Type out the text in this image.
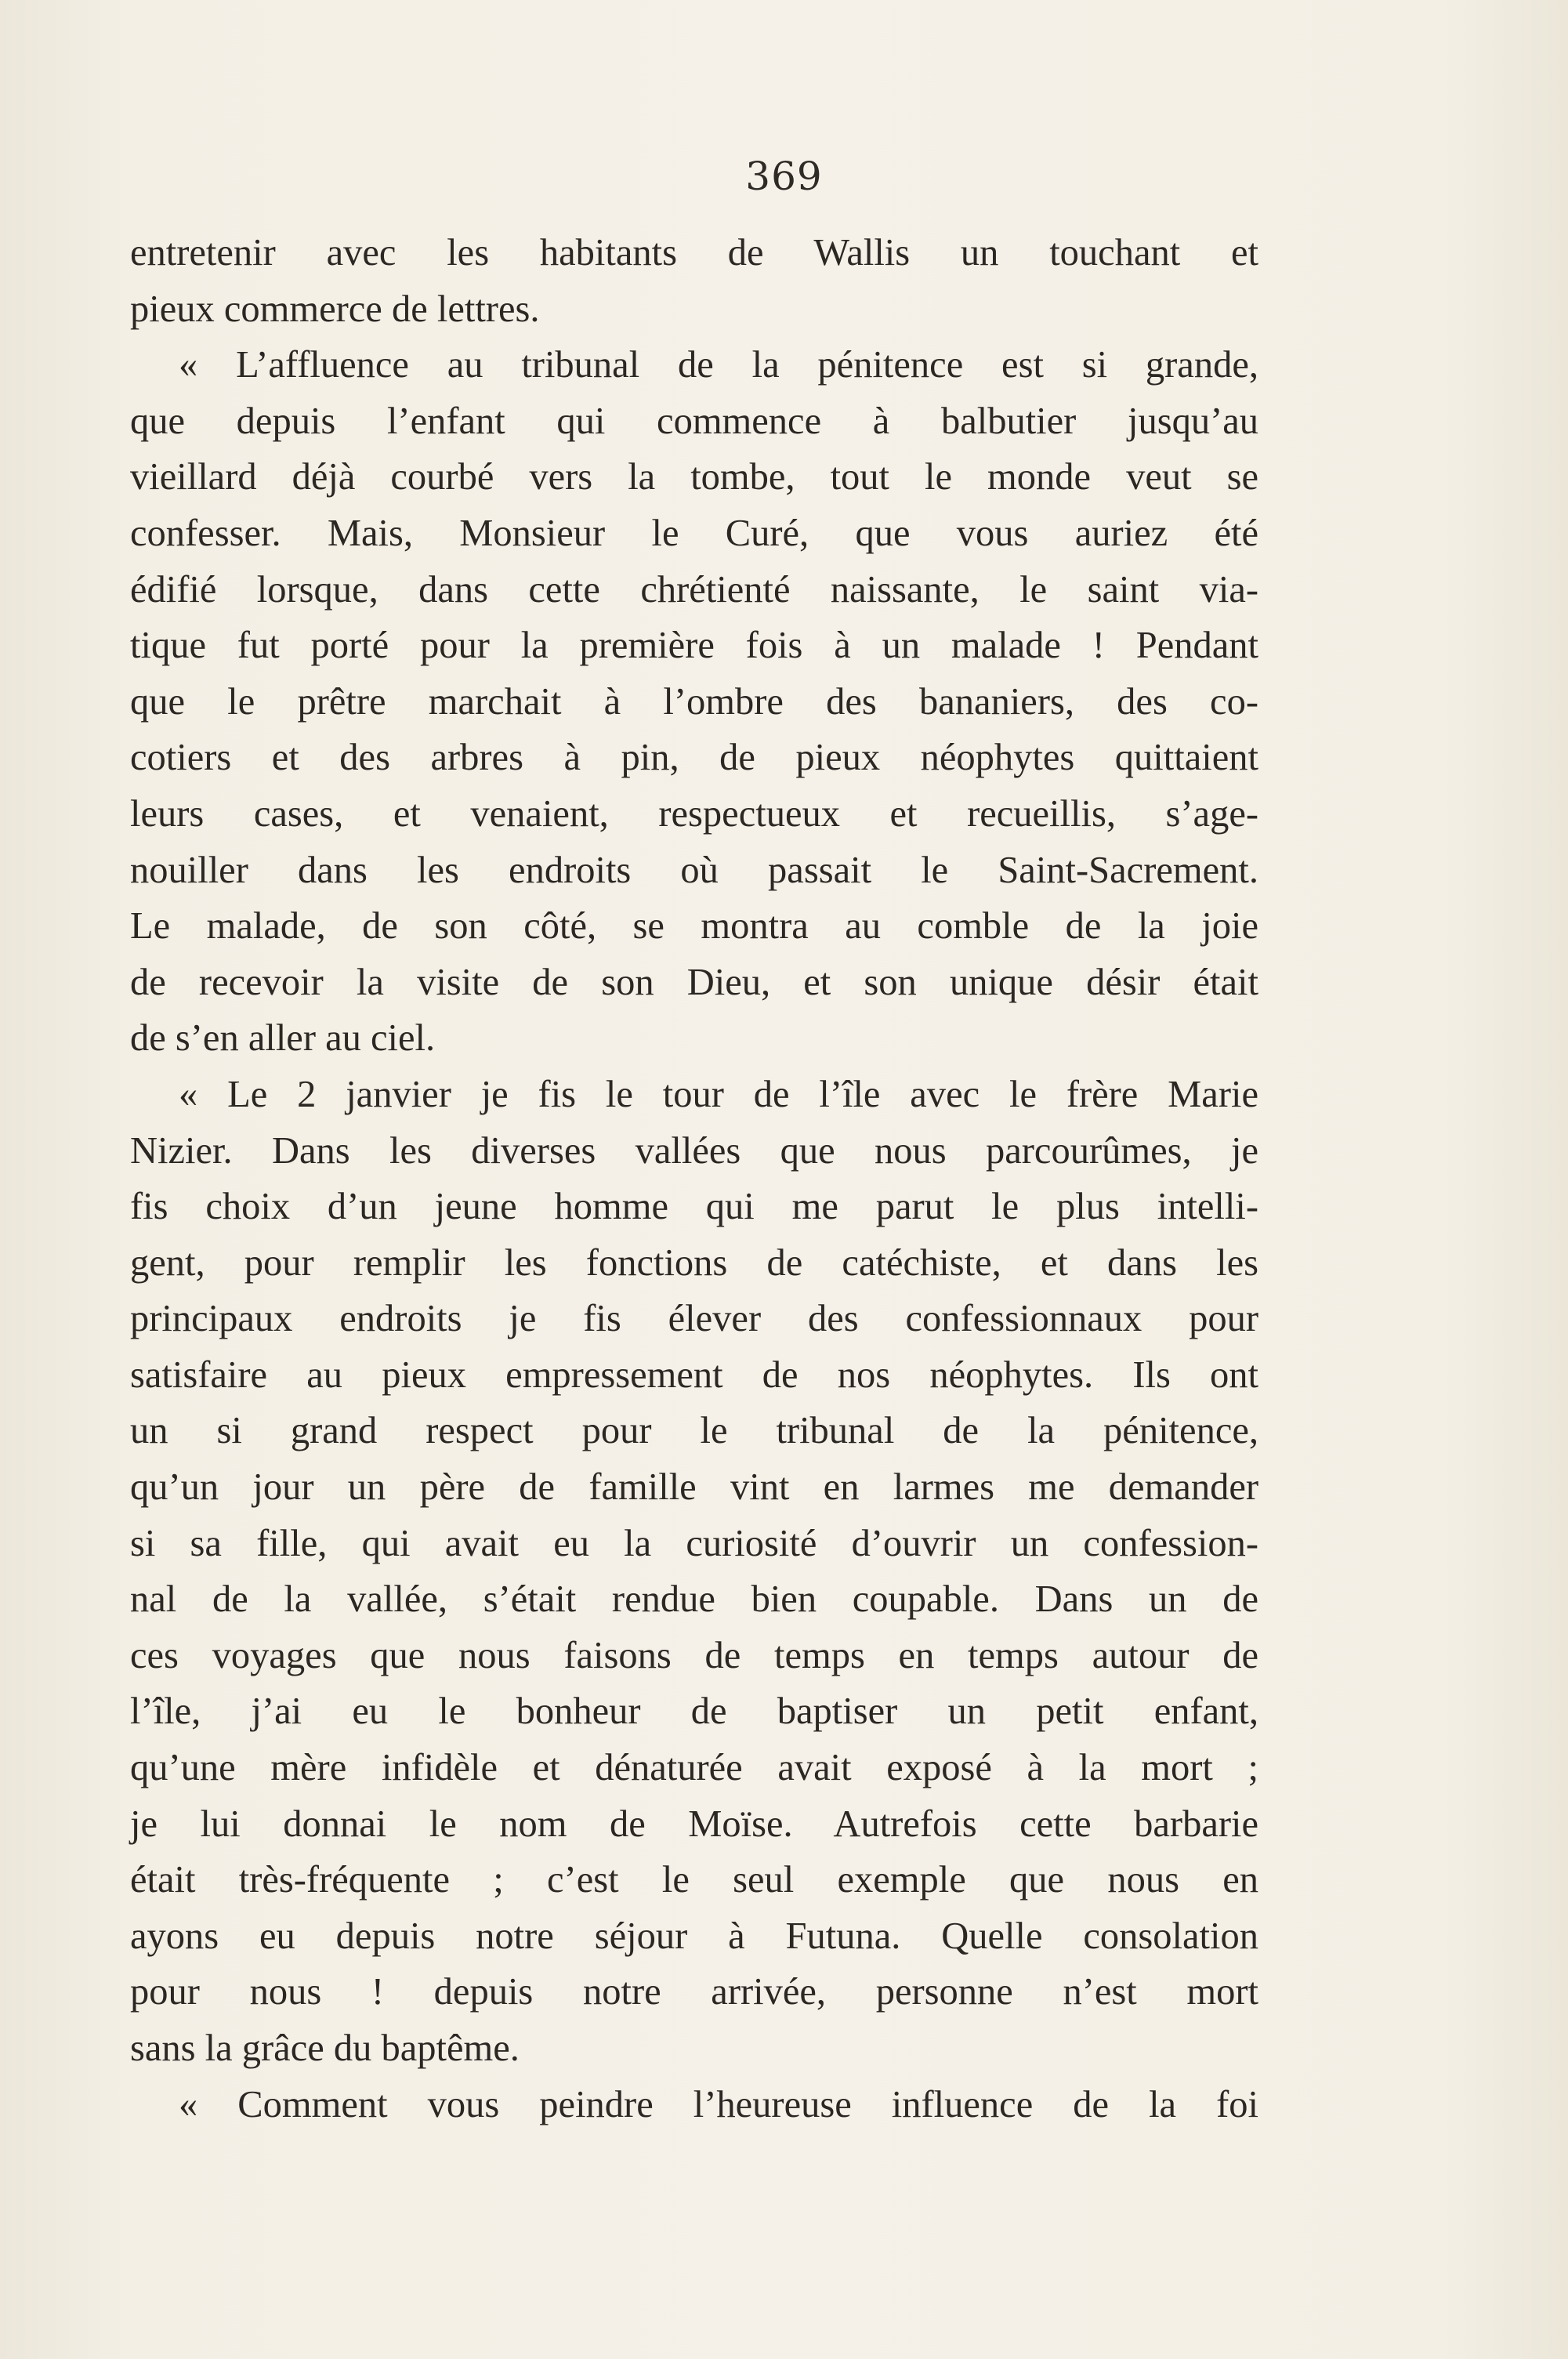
369
entretenir avec les habitants de Wallis un touchant et
pieux commerce de lettres.
« L’affluence au tribunal de la pénitence est si grande,
que depuis l’enfant qui commence à balbutier jusqu’au
vieillard déjà courbé vers la tombe, tout le monde veut se
confesser. Mais, Monsieur le Curé, que vous auriez été
édifié lorsque, dans cette chrétienté naissante, le saint via-
tique fut porté pour la première fois à un malade ! Pendant
que le prêtre marchait à l’ombre des bananiers, des co-
cotiers et des arbres à pin, de pieux néophytes quittaient
leurs cases, et venaient, respectueux et recueillis, s’age-
nouiller dans les endroits où passait le Saint-Sacrement.
Le malade, de son côté, se montra au comble de la joie
de recevoir la visite de son Dieu, et son unique désir était
de s’en aller au ciel.
« Le 2 janvier je fis le tour de l’île avec le frère Marie
Nizier. Dans les diverses vallées que nous parcourûmes, je
fis choix d’un jeune homme qui me parut le plus intelli-
gent, pour remplir les fonctions de catéchiste, et dans les
principaux endroits je fis élever des confessionnaux pour
satisfaire au pieux empressement de nos néophytes. Ils ont
un si grand respect pour le tribunal de la pénitence,
qu’un jour un père de famille vint en larmes me demander
si sa fille, qui avait eu la curiosité d’ouvrir un confession-
nal de la vallée, s’était rendue bien coupable. Dans un de
ces voyages que nous faisons de temps en temps autour de
l’île, j’ai eu le bonheur de baptiser un petit enfant,
qu’une mère infidèle et dénaturée avait exposé à la mort ;
je lui donnai le nom de Moïse. Autrefois cette barbarie
était très-fréquente ; c’est le seul exemple que nous en
ayons eu depuis notre séjour à Futuna. Quelle consolation
pour nous ! depuis notre arrivée, personne n’est mort
sans la grâce du baptême.
« Comment vous peindre l’heureuse influence de la foi
